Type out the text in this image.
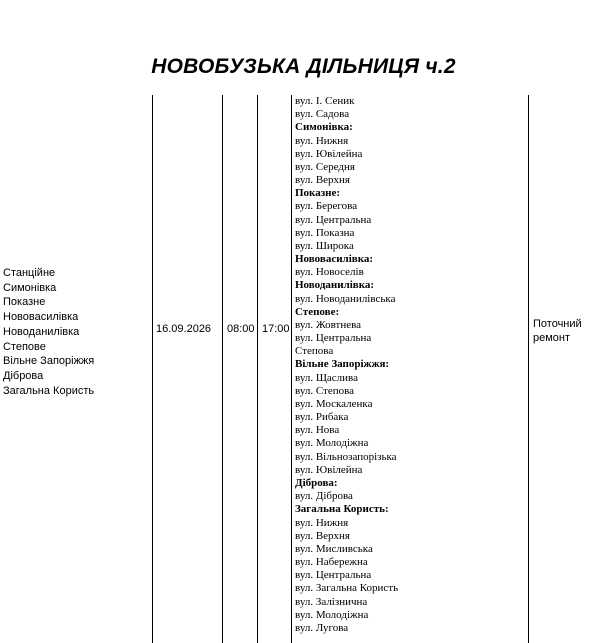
НОВОБУЗЬКА ДІЛЬНИЦЯ ч.2
Станційне
Симонівка
Показне
Нововасилівка
Новоданилівка
Степове
Вільне Запоріжжя
Діброва
Загальна Користь
16.09.2026 08:00 17:00
вул. І. Сеник
вул. Садова
Симонівка:
вул. Нижня
вул. Ювілейна
вул. Середня
вул. Верхня
Показне:
вул. Берегова
вул. Центральна
вул. Показна
вул. Широка
Нововасилівка:
вул. Новоселів
Новоданилівка:
вул. Новоданилівська
Степове:
вул. Жовтнева
вул. Центральна
Степова
Вільне Запоріжжя:
вул. Щаслива
вул. Степова
вул. Москаленка
вул. Рибака
вул. Нова
вул. Молодіжна
вул. Вільнозапорізька
вул. Ювілейна
Діброва:
вул. Діброва
Загальна Користь:
вул. Нижня
вул. Верхня
вул. Мисливська
вул. Набережна
вул. Центральна
вул. Загальна Користь
вул. Залізнична
вул. Молодіжна
вул. Лугова
Поточний
ремонт
